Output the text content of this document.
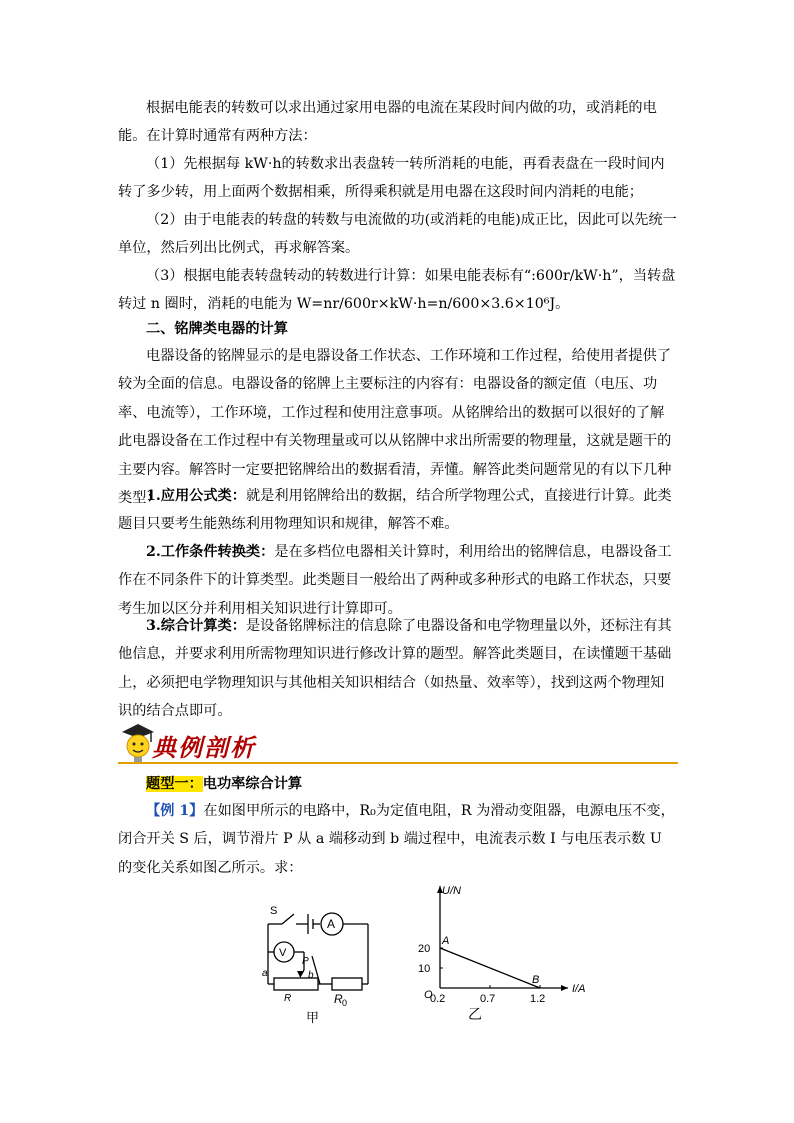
根据电能表的转数可以求出通过家用电器的电流在某段时间内做的功，或消耗的电能。在计算时通常有两种方法：

（1）先根据每 kW·h的转数求出表盘转一转所消耗的电能，再看表盘在一段时间内转了多少转，用上面两个数据相乘，所得乘积就是用电器在这段时间内消耗的电能；

（2）由于电能表的转盘的转数与电流做的功(或消耗的电能)成正比，因此可以先统一单位，然后列出比例式，再求解答案。

（3）根据电能表转盘转动的转数进行计算：如果电能表标有“:600r/kW·h”，当转盘转过 n 圈时，消耗的电能为 W=nr/600r×kW·h=n/600×3.6×10⁶J。

二、铭牌类电器的计算

电器设备的铭牌显示的是电器设备工作状态、工作环境和工作过程，给使用者提供了较为全面的信息。电器设备的铭牌上主要标注的内容有：电器设备的额定值（电压、功率、电流等），工作环境，工作过程和使用注意事项。从铭牌给出的数据可以很好的了解此电器设备在工作过程中有关物理量或可以从铭牌中求出所需要的物理量，这就是题干的主要内容。解答时一定要把铭牌给出的数据看清，弄懂。解答此类问题常见的有以下几种类型：

1.应用公式类：就是利用铭牌给出的数据，结合所学物理公式，直接进行计算。此类题目只要考生能熟练利用物理知识和规律，解答不难。

2.工作条件转换类：是在多档位电器相关计算时，利用给出的铭牌信息，电器设备工作在不同条件下的计算类型。此类题目一般给出了两种或多种形式的电路工作状态，只要考生加以区分并利用相关知识进行计算即可。

3.综合计算类：是设备铭牌标注的信息除了电器设备和电学物理量以外，还标注有其他信息，并要求利用所需物理知识进行修改计算的题型。解答此类题目，在读懂题干基础上，必须把电学物理知识与其他相关知识相结合（如热量、效率等），找到这两个物理知识的结合点即可。

典例剖析
题型一：电功率综合计算

【例 1】在如图甲所示的电路中，R₀为定值电阻，R 为滑动变阻器，电源电压不变，闭合开关 S 后，调节滑片 P 从 a 端移动到 b 端过程中，电流表示数 I 与电压表示数 U 的变化关系如图乙所示。求：

S
A
V
P
a	b
R	R 0
甲
U/N
I/A
O
0.2	0.7	1.2
10
20
A
B
乙
